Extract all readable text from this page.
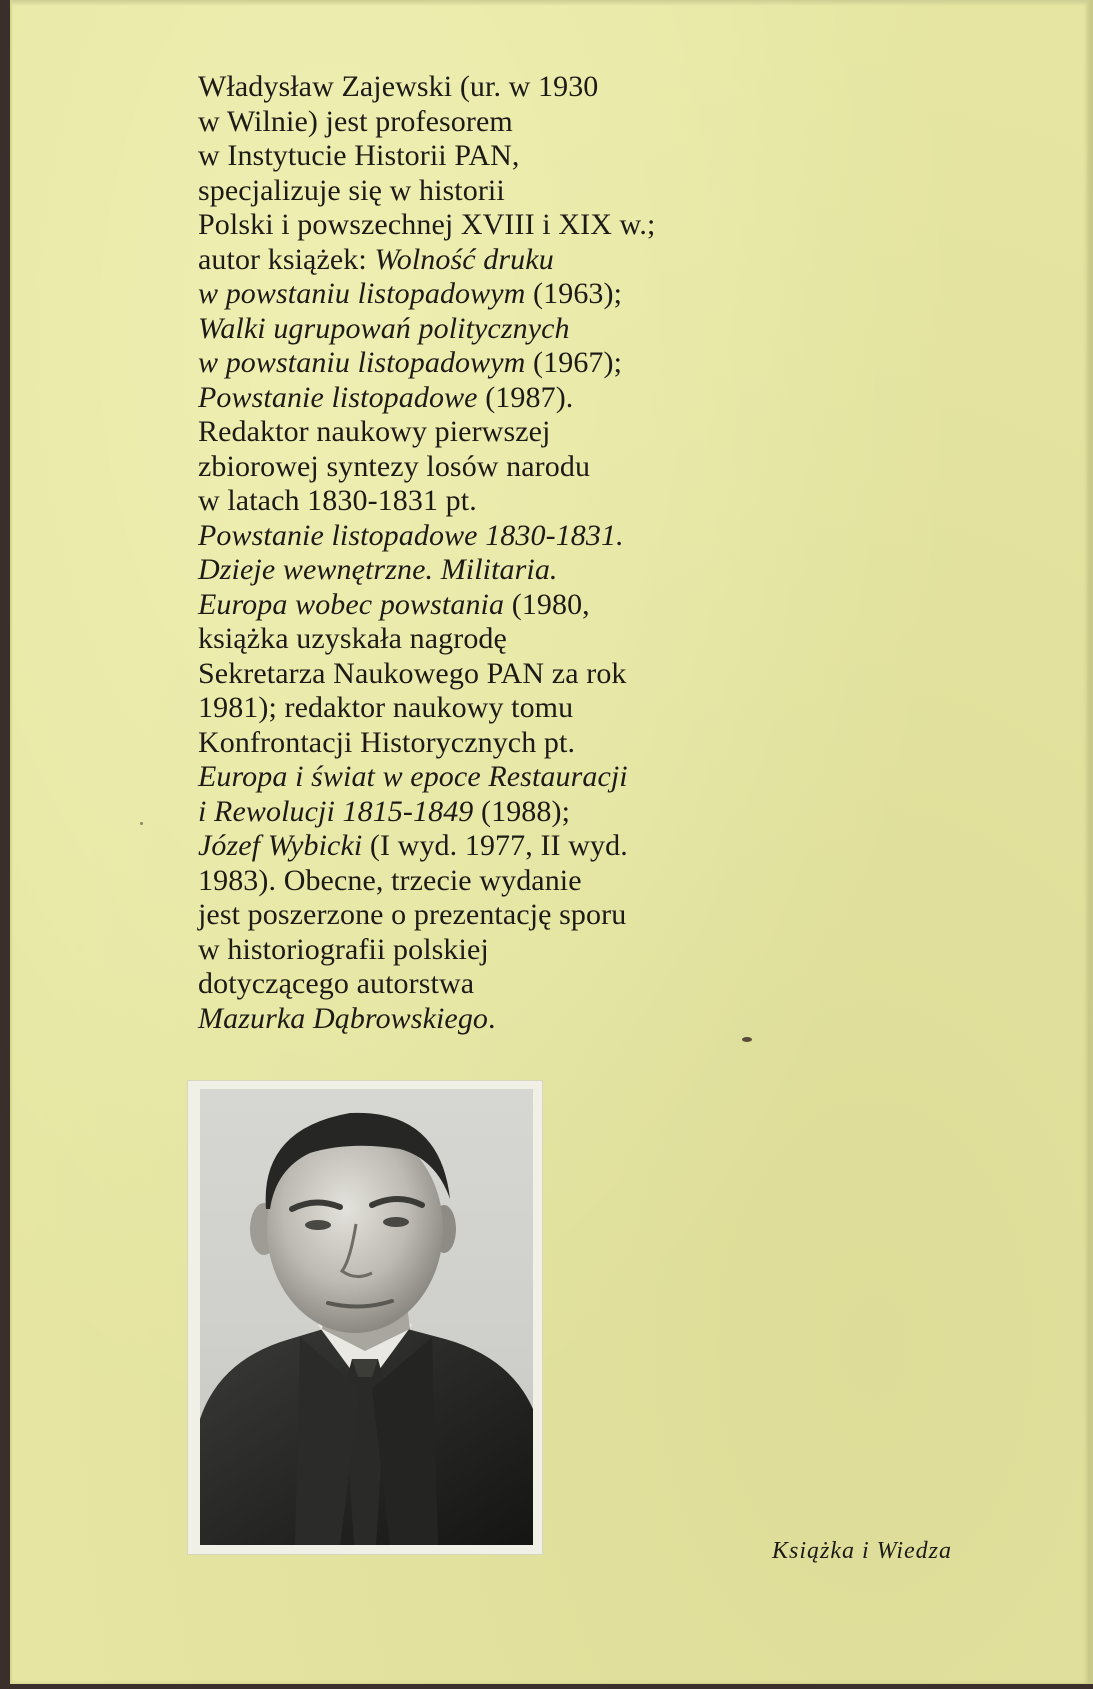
Władysław Zajewski (ur. w 1930
w Wilnie) jest profesorem
w Instytucie Historii PAN,
specjalizuje się w historii
Polski i powszechnej XVIII i XIX w.;
autor książek: Wolność druku
w powstaniu listopadowym (1963);
Walki ugrupowań politycznych
w powstaniu listopadowym (1967);
Powstanie listopadowe (1987).
Redaktor naukowy pierwszej
zbiorowej syntezy losów narodu
w latach 1830-1831 pt.
Powstanie listopadowe 1830-1831.
Dzieje wewnętrzne. Militaria.
Europa wobec powstania (1980,
książka uzyskała nagrodę
Sekretarza Naukowego PAN za rok
1981); redaktor naukowy tomu
Konfrontacji Historycznych pt.
Europa i świat w epoce Restauracji
i Rewolucji 1815-1849 (1988);
Józef Wybicki (I wyd. 1977, II wyd.
1983). Obecne, trzecie wydanie
jest poszerzone o prezentację sporu
w historiografii polskiej
dotyczącego autorstwa
Mazurka Dąbrowskiego.

Książka i Wiedza
